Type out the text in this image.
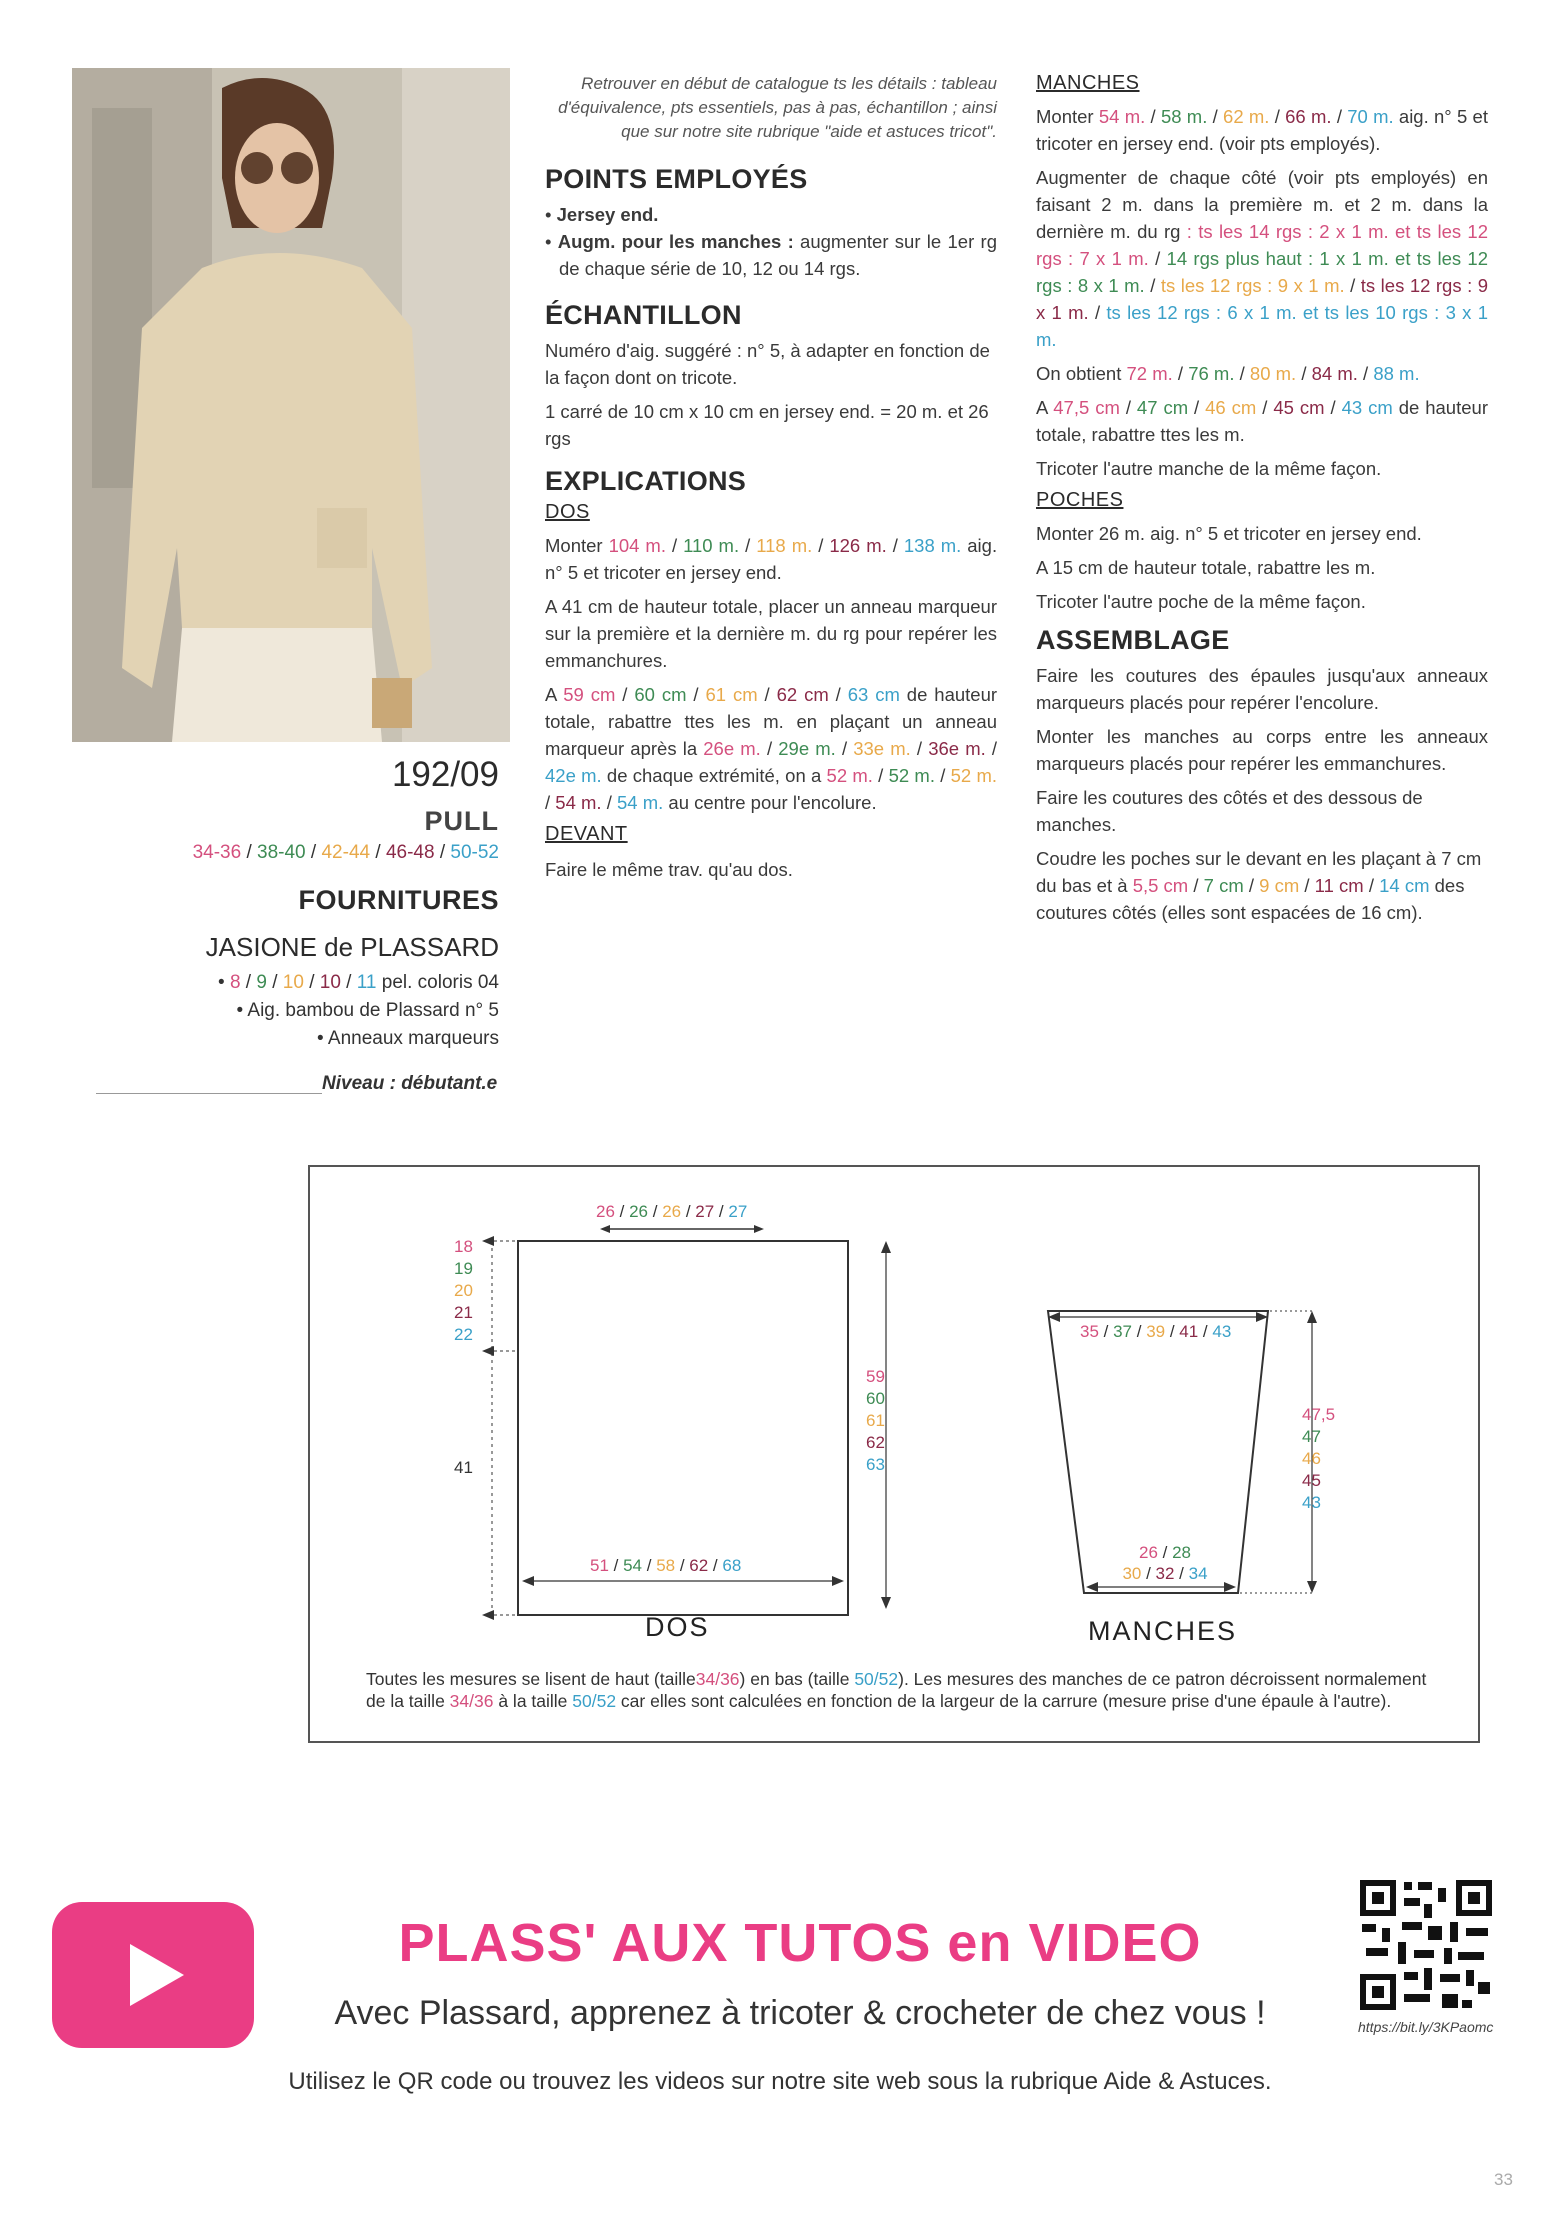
192/09
PULL
34-36 / 38-40 / 42-44 / 46-48 / 50-52
FOURNITURES
JASIONE de PLASSARD
• 8 / 9 / 10 / 10 / 11 pel. coloris 04
• Aig. bambou de Plassard n° 5
• Anneaux marqueurs
Niveau : débutant.e

Retrouver en début de catalogue ts les détails : tableau d'équivalence, pts essentiels, pas à pas, échantillon ; ainsi que sur notre site rubrique "aide et astuces tricot".

POINTS EMPLOYÉS

• Jersey end.

• Augm. pour les manches : augmenter sur le 1er rg de chaque série de 10, 12 ou 14 rgs.

ÉCHANTILLON

Numéro d'aig. suggéré : n° 5, à adapter en fonction de la façon dont on tricote.

1 carré de 10 cm x 10 cm en jersey end. = 20 m. et 26 rgs

EXPLICATIONS
DOS

Monter 104 m. / 110 m. / 118 m. / 126 m. / 138 m. aig. n° 5 et tricoter en jersey end.

A 41 cm de hauteur totale, placer un anneau marqueur sur la première et la dernière m. du rg pour repérer les emmanchures.

A 59 cm / 60 cm / 61 cm / 62 cm / 63 cm de hauteur totale, rabattre ttes les m. en plaçant un anneau marqueur après la 26e m. / 29e m. / 33e m. / 36e m. / 42e m. de chaque extrémité, on a 52 m. / 52 m. / 52 m. / 54 m. / 54 m. au centre pour l'encolure.

DEVANT

Faire le même trav. qu'au dos.

MANCHES

Monter 54 m. / 58 m. / 62 m. / 66 m. / 70 m. aig. n° 5 et tricoter en jersey end. (voir pts employés).

Augmenter de chaque côté (voir pts employés) en faisant 2 m. dans la première m. et 2 m. dans la dernière m. du rg : ts les 14 rgs : 2 x 1 m. et ts les 12 rgs : 7 x 1 m. / 14 rgs plus haut : 1 x 1 m. et ts les 12 rgs : 8 x 1 m. / ts les 12 rgs : 9 x 1 m. / ts les 12 rgs : 9 x 1 m. / ts les 12 rgs : 6 x 1 m. et ts les 10 rgs : 3 x 1 m.

On obtient 72 m. / 76 m. / 80 m. / 84 m. / 88 m.

A 47,5 cm / 47 cm / 46 cm / 45 cm / 43 cm de hauteur totale, rabattre ttes les m.

Tricoter l'autre manche de la même façon.

POCHES

Monter 26 m. aig. n° 5 et tricoter en jersey end.

A 15 cm de hauteur totale, rabattre les m.

Tricoter l'autre poche de la même façon.

ASSEMBLAGE

Faire les coutures des épaules jusqu'aux anneaux marqueurs placés pour repérer l'encolure.

Monter les manches au corps entre les anneaux marqueurs placés pour repérer les emmanchures.

Faire les coutures des côtés et des dessous de manches.

Coudre les poches sur le devant en les plaçant à 7 cm du bas et à 5,5 cm / 7 cm / 9 cm / 11 cm / 14 cm des coutures côtés (elles sont espacées de 16 cm).

26 / 26 / 26 / 27 / 27
18
19
20
21
22
41
59
60
61
62
63
51 / 54 / 58 / 62 / 68
DOS
35 / 37 / 39 / 41 / 43
47,5
47
46
45
43
26 / 28
30 / 32 / 34
MANCHES
Toutes les mesures se lisent de haut (taille34/36) en bas (taille 50/52). Les mesures des manches de ce patron décroissent normalement de la taille 34/36 à la taille 50/52 car elles sont calculées en fonction de la largeur de la carrure (mesure prise d'une épaule à l'autre).
PLASS' AUX TUTOS en VIDEO
Avec Plassard, apprenez à tricoter & crocheter de chez vous !
Utilisez le QR code ou trouvez les videos sur notre site web sous la rubrique Aide & Astuces.
https://bit.ly/3KPaomc
33
